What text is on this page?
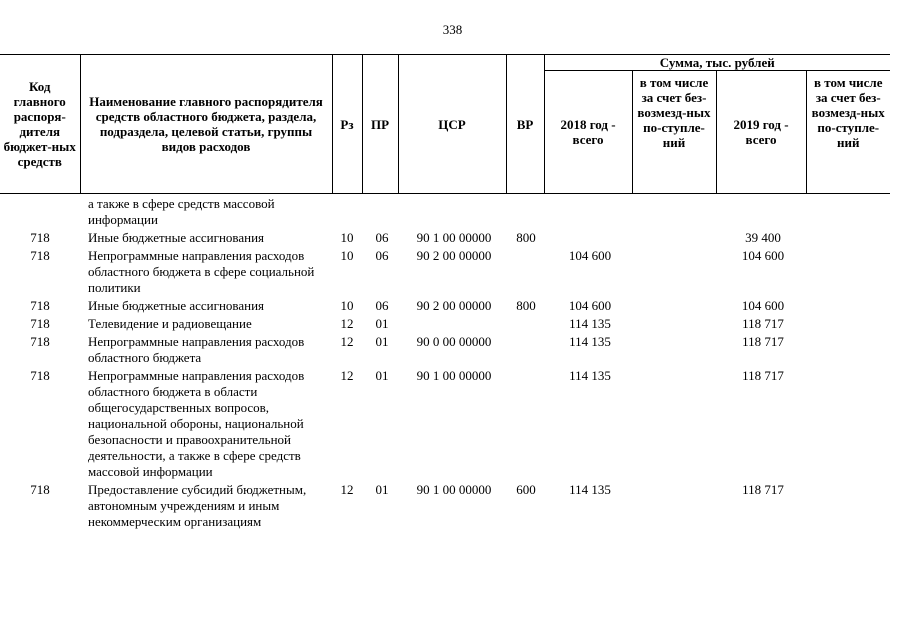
338
Код главного распоря-дителя бюджет-ных средств	Наименование главного распорядителя средств областного бюджета, раздела, подраздела, целевой статьи, группы видов расходов	Рз	ПР	ЦСР	ВР	Сумма, тыс. рублей			
						2018 год - всего	в том числе за счет без-возмезд-ных по-ступле-ний	2019 год - всего	в том числе за счет без-возмезд-ных по-ступле-ний
	а также в сфере средств массовой информации								
718	Иные бюджетные ассигнования	10	06	90 1 00 00000	800			39 400	
718	Непрограммные направления расходов областного бюджета в сфере социальной политики	10	06	90 2 00 00000		104 600		104 600	
718	Иные бюджетные ассигнования	10	06	90 2 00 00000	800	104 600		104 600	
718	Телевидение и радиовещание	12	01			114 135		118 717	
718	Непрограммные направления расходов областного бюджета	12	01	90 0 00 00000		114 135		118 717	
718	Непрограммные направления расходов областного бюджета в области общегосударственных вопросов, национальной обороны, национальной безопасности и правоохранительной деятельности, а также в сфере средств массовой информации	12	01	90 1 00 00000		114 135		118 717	
718	Предоставление субсидий бюджетным, автономным учреждениям и иным некоммерческим организациям	12	01	90 1 00 00000	600	114 135		118 717	
